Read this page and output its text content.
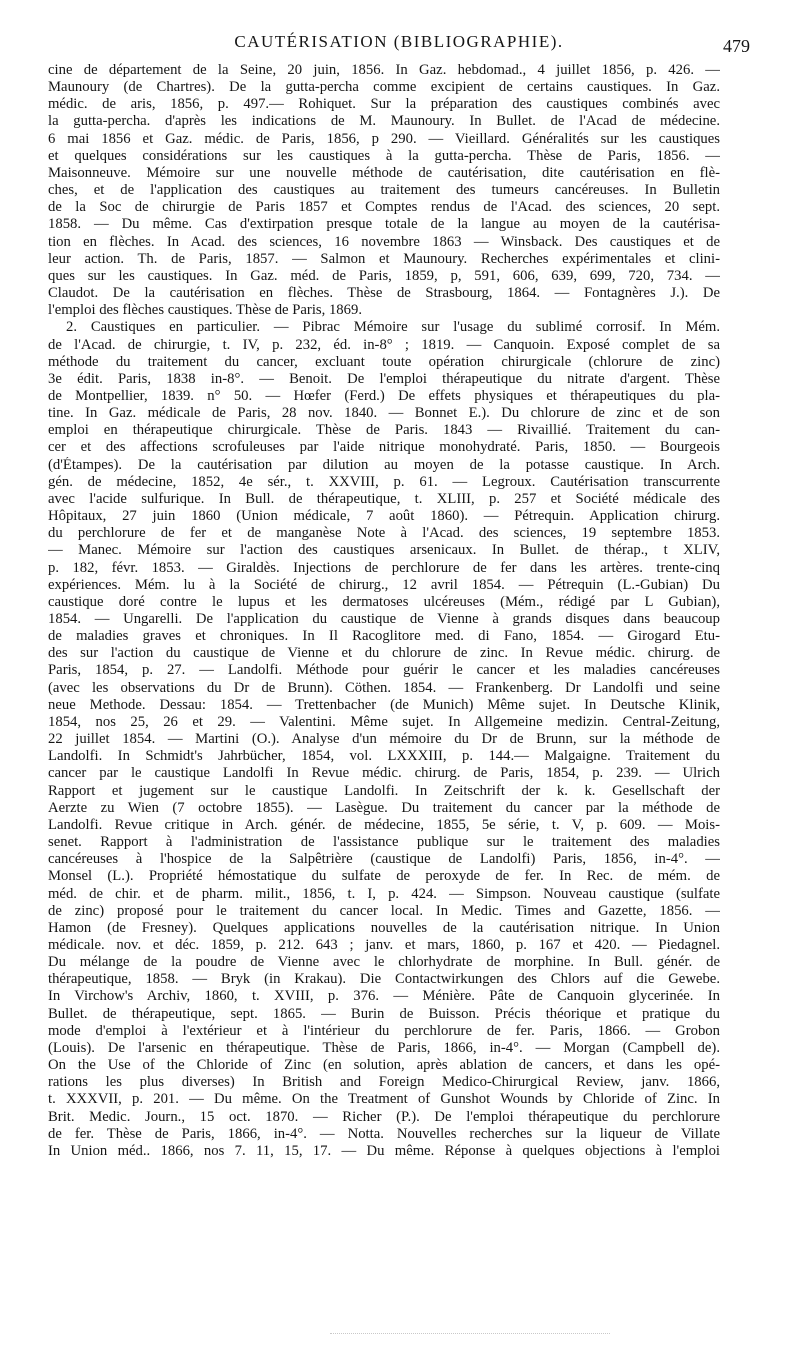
CAUTÉRISATION (BIBLIOGRAPHIE).	479
cine de département de la Seine, 20 juin, 1856. In Gaz. hebdomad., 4 juillet 1856, p. 426. —
Maunoury (de Chartres). De la gutta-percha comme excipient de certains caustiques. In Gaz.
médic. de aris, 1856, p. 497.— Rohiquet. Sur la préparation des caustiques combinés avec
la gutta-percha. d'après les indications de M. Maunoury. In Bullet. de l'Acad de médecine.
6 mai 1856 et Gaz. médic. de Paris, 1856, p 290. — Vieillard. Généralités sur les caustiques
et quelques considérations sur les caustiques à la gutta-percha. Thèse de Paris, 1856. —
Maisonneuve. Mémoire sur une nouvelle méthode de cautérisation, dite cautérisation en flè-
ches, et de l'application des caustiques au traitement des tumeurs cancéreuses. In Bulletin
de la Soc de chirurgie de Paris 1857 et Comptes rendus de l'Acad. des sciences, 20 sept.
1858. — Du même. Cas d'extirpation presque totale de la langue au moyen de la cautérisa-
tion en flèches. In Acad. des sciences, 16 novembre 1863 — Winsback. Des caustiques et de
leur action. Th. de Paris, 1857. — Salmon et Maunoury. Recherches expérimentales et clini-
ques sur les caustiques. In Gaz. méd. de Paris, 1859, p, 591, 606, 639, 699, 720, 734. —
Claudot. De la cautérisation en flèches. Thèse de Strasbourg, 1864. — Fontagnères J.). De
l'emploi des flèches caustiques. Thèse de Paris, 1869.
2. Caustiques en particulier. — Pibrac Mémoire sur l'usage du sublimé corrosif. In Mém.
de l'Acad. de chirurgie, t. IV, p. 232, éd. in-8° ; 1819. — Canquoin. Exposé complet de sa
méthode du traitement du cancer, excluant toute opération chirurgicale (chlorure de zinc)
3e édit. Paris, 1838 in-8°. — Benoit. De l'emploi thérapeutique du nitrate d'argent. Thèse
de Montpellier, 1839. n° 50. — Hœfer (Ferd.) De effets physiques et thérapeutiques du pla-
tine. In Gaz. médicale de Paris, 28 nov. 1840. — Bonnet E.). Du chlorure de zinc et de son
emploi en thérapeutique chirurgicale. Thèse de Paris. 1843 — Rivaillié. Traitement du can-
cer et des affections scrofuleuses par l'aide nitrique monohydraté. Paris, 1850. — Bourgeois
(d'Étampes). De la cautérisation par dilution au moyen de la potasse caustique. In Arch.
gén. de médecine, 1852, 4e sér., t. XXVIII, p. 61. — Legroux. Cautérisation transcurrente
avec l'acide sulfurique. In Bull. de thérapeutique, t. XLIII, p. 257 et Société médicale des
Hôpitaux, 27 juin 1860 (Union médicale, 7 août 1860). — Pétrequin. Application chirurg.
du perchlorure de fer et de manganèse Note à l'Acad. des sciences, 19 septembre 1853.
— Manec. Mémoire sur l'action des caustiques arsenicaux. In Bullet. de thérap., t XLIV,
p. 182, févr. 1853. — Giraldès. Injections de perchlorure de fer dans les artères. trente-cinq
expériences. Mém. lu à la Société de chirurg., 12 avril 1854. — Pétrequin (L.-Gubian) Du
caustique doré contre le lupus et les dermatoses ulcéreuses (Mém., rédigé par L Gubian),
1854. — Ungarelli. De l'application du caustique de Vienne à grands disques dans beaucoup
de maladies graves et chroniques. In Il Racoglitore med. di Fano, 1854. — Girogard Etu-
des sur l'action du caustique de Vienne et du chlorure de zinc. In Revue médic. chirurg. de
Paris, 1854, p. 27. — Landolfi. Méthode pour guérir le cancer et les maladies cancéreuses
(avec les observations du Dr de Brunn). Cöthen. 1854. — Frankenberg. Dr Landolfi und seine
neue Methode. Dessau: 1854. — Trettenbacher (de Munich) Même sujet. In Deutsche Klinik,
1854, nos 25, 26 et 29. — Valentini. Même sujet. In Allgemeine medizin. Central-Zeitung,
22 juillet 1854. — Martini (O.). Analyse d'un mémoire du Dr de Brunn, sur la méthode de
Landolfi. In Schmidt's Jahrbücher, 1854, vol. LXXXIII, p. 144.— Malgaigne. Traitement du
cancer par le caustique Landolfi In Revue médic. chirurg. de Paris, 1854, p. 239. — Ulrich
Rapport et jugement sur le caustique Landolfi. In Zeitschrift der k. k. Gesellschaft der
Aerzte zu Wien (7 octobre 1855). — Lasègue. Du traitement du cancer par la méthode de
Landolfi. Revue critique in Arch. génér. de médecine, 1855, 5e série, t. V, p. 609. — Mois-
senet. Rapport à l'administration de l'assistance publique sur le traitement des maladies
cancéreuses à l'hospice de la Salpêtrière (caustique de Landolfi) Paris, 1856, in-4°. —
Monsel (L.). Propriété hémostatique du sulfate de peroxyde de fer. In Rec. de mém. de
méd. de chir. et de pharm. milit., 1856, t. I, p. 424. — Simpson. Nouveau caustique (sulfate
de zinc) proposé pour le traitement du cancer local. In Medic. Times and Gazette, 1856. —
Hamon (de Fresney). Quelques applications nouvelles de la cautérisation nitrique. In Union
médicale. nov. et déc. 1859, p. 212. 643 ; janv. et mars, 1860, p. 167 et 420. — Piedagnel.
Du mélange de la poudre de Vienne avec le chlorhydrate de morphine. In Bull. génér. de
thérapeutique, 1858. — Bryk (in Krakau). Die Contactwirkungen des Chlors auf die Gewebe.
In Virchow's Archiv, 1860, t. XVIII, p. 376. — Ménière. Pâte de Canquoin glycerinée. In
Bullet. de thérapeutique, sept. 1865. — Burin de Buisson. Précis théorique et pratique du
mode d'emploi à l'extérieur et à l'intérieur du perchlorure de fer. Paris, 1866. — Grobon
(Louis). De l'arsenic en thérapeutique. Thèse de Paris, 1866, in-4°. — Morgan (Campbell de).
On the Use of the Chloride of Zinc (en solution, après ablation de cancers, et dans les opé-
rations les plus diverses) In British and Foreign Medico-Chirurgical Review, janv. 1866,
t. XXXVII, p. 201. — Du même. On the Treatment of Gunshot Wounds by Chloride of Zinc. In
Brit. Medic. Journ., 15 oct. 1870. — Richer (P.). De l'emploi thérapeutique du perchlorure
de fer. Thèse de Paris, 1866, in-4°. — Notta. Nouvelles recherches sur la liqueur de Villate
In Union méd.. 1866, nos 7. 11, 15, 17. — Du même. Réponse à quelques objections à l'emploi
